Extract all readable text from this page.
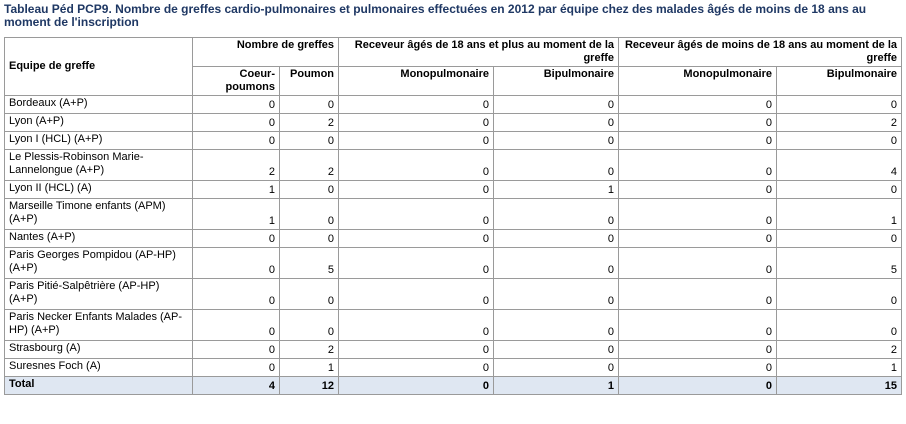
Tableau Péd PCP9. Nombre de greffes cardio-pulmonaires et pulmonaires effectuées en 2012 par équipe chez des malades âgés de moins de 18 ans au moment de l'inscription
Equipe de greffe	Nombre de greffes		Receveur âgés de 18 ans et plus au moment de la greffe		Receveur âgés de moins de 18 ans au moment de la greffe	
	Coeur-poumons	Poumon	Monopulmonaire	Bipulmonaire	Monopulmonaire	Bipulmonaire
Bordeaux (A+P)	0	0	0	0	0	0
Lyon (A+P)	0	2	0	0	0	2
Lyon I (HCL) (A+P)	0	0	0	0	0	0
Le Plessis-Robinson Marie-Lannelongue (A+P)	2	2	0	0	0	4
Lyon II (HCL) (A)	1	0	0	1	0	0
Marseille Timone enfants (APM) (A+P)	1	0	0	0	0	1
Nantes (A+P)	0	0	0	0	0	0
Paris Georges Pompidou (AP-HP) (A+P)	0	5	0	0	0	5
Paris Pitié-Salpêtrière (AP-HP) (A+P)	0	0	0	0	0	0
Paris Necker Enfants Malades (AP-HP) (A+P)	0	0	0	0	0	0
Strasbourg (A)	0	2	0	0	0	2
Suresnes Foch (A)	0	1	0	0	0	1
Total	4	12	0	1	0	15
